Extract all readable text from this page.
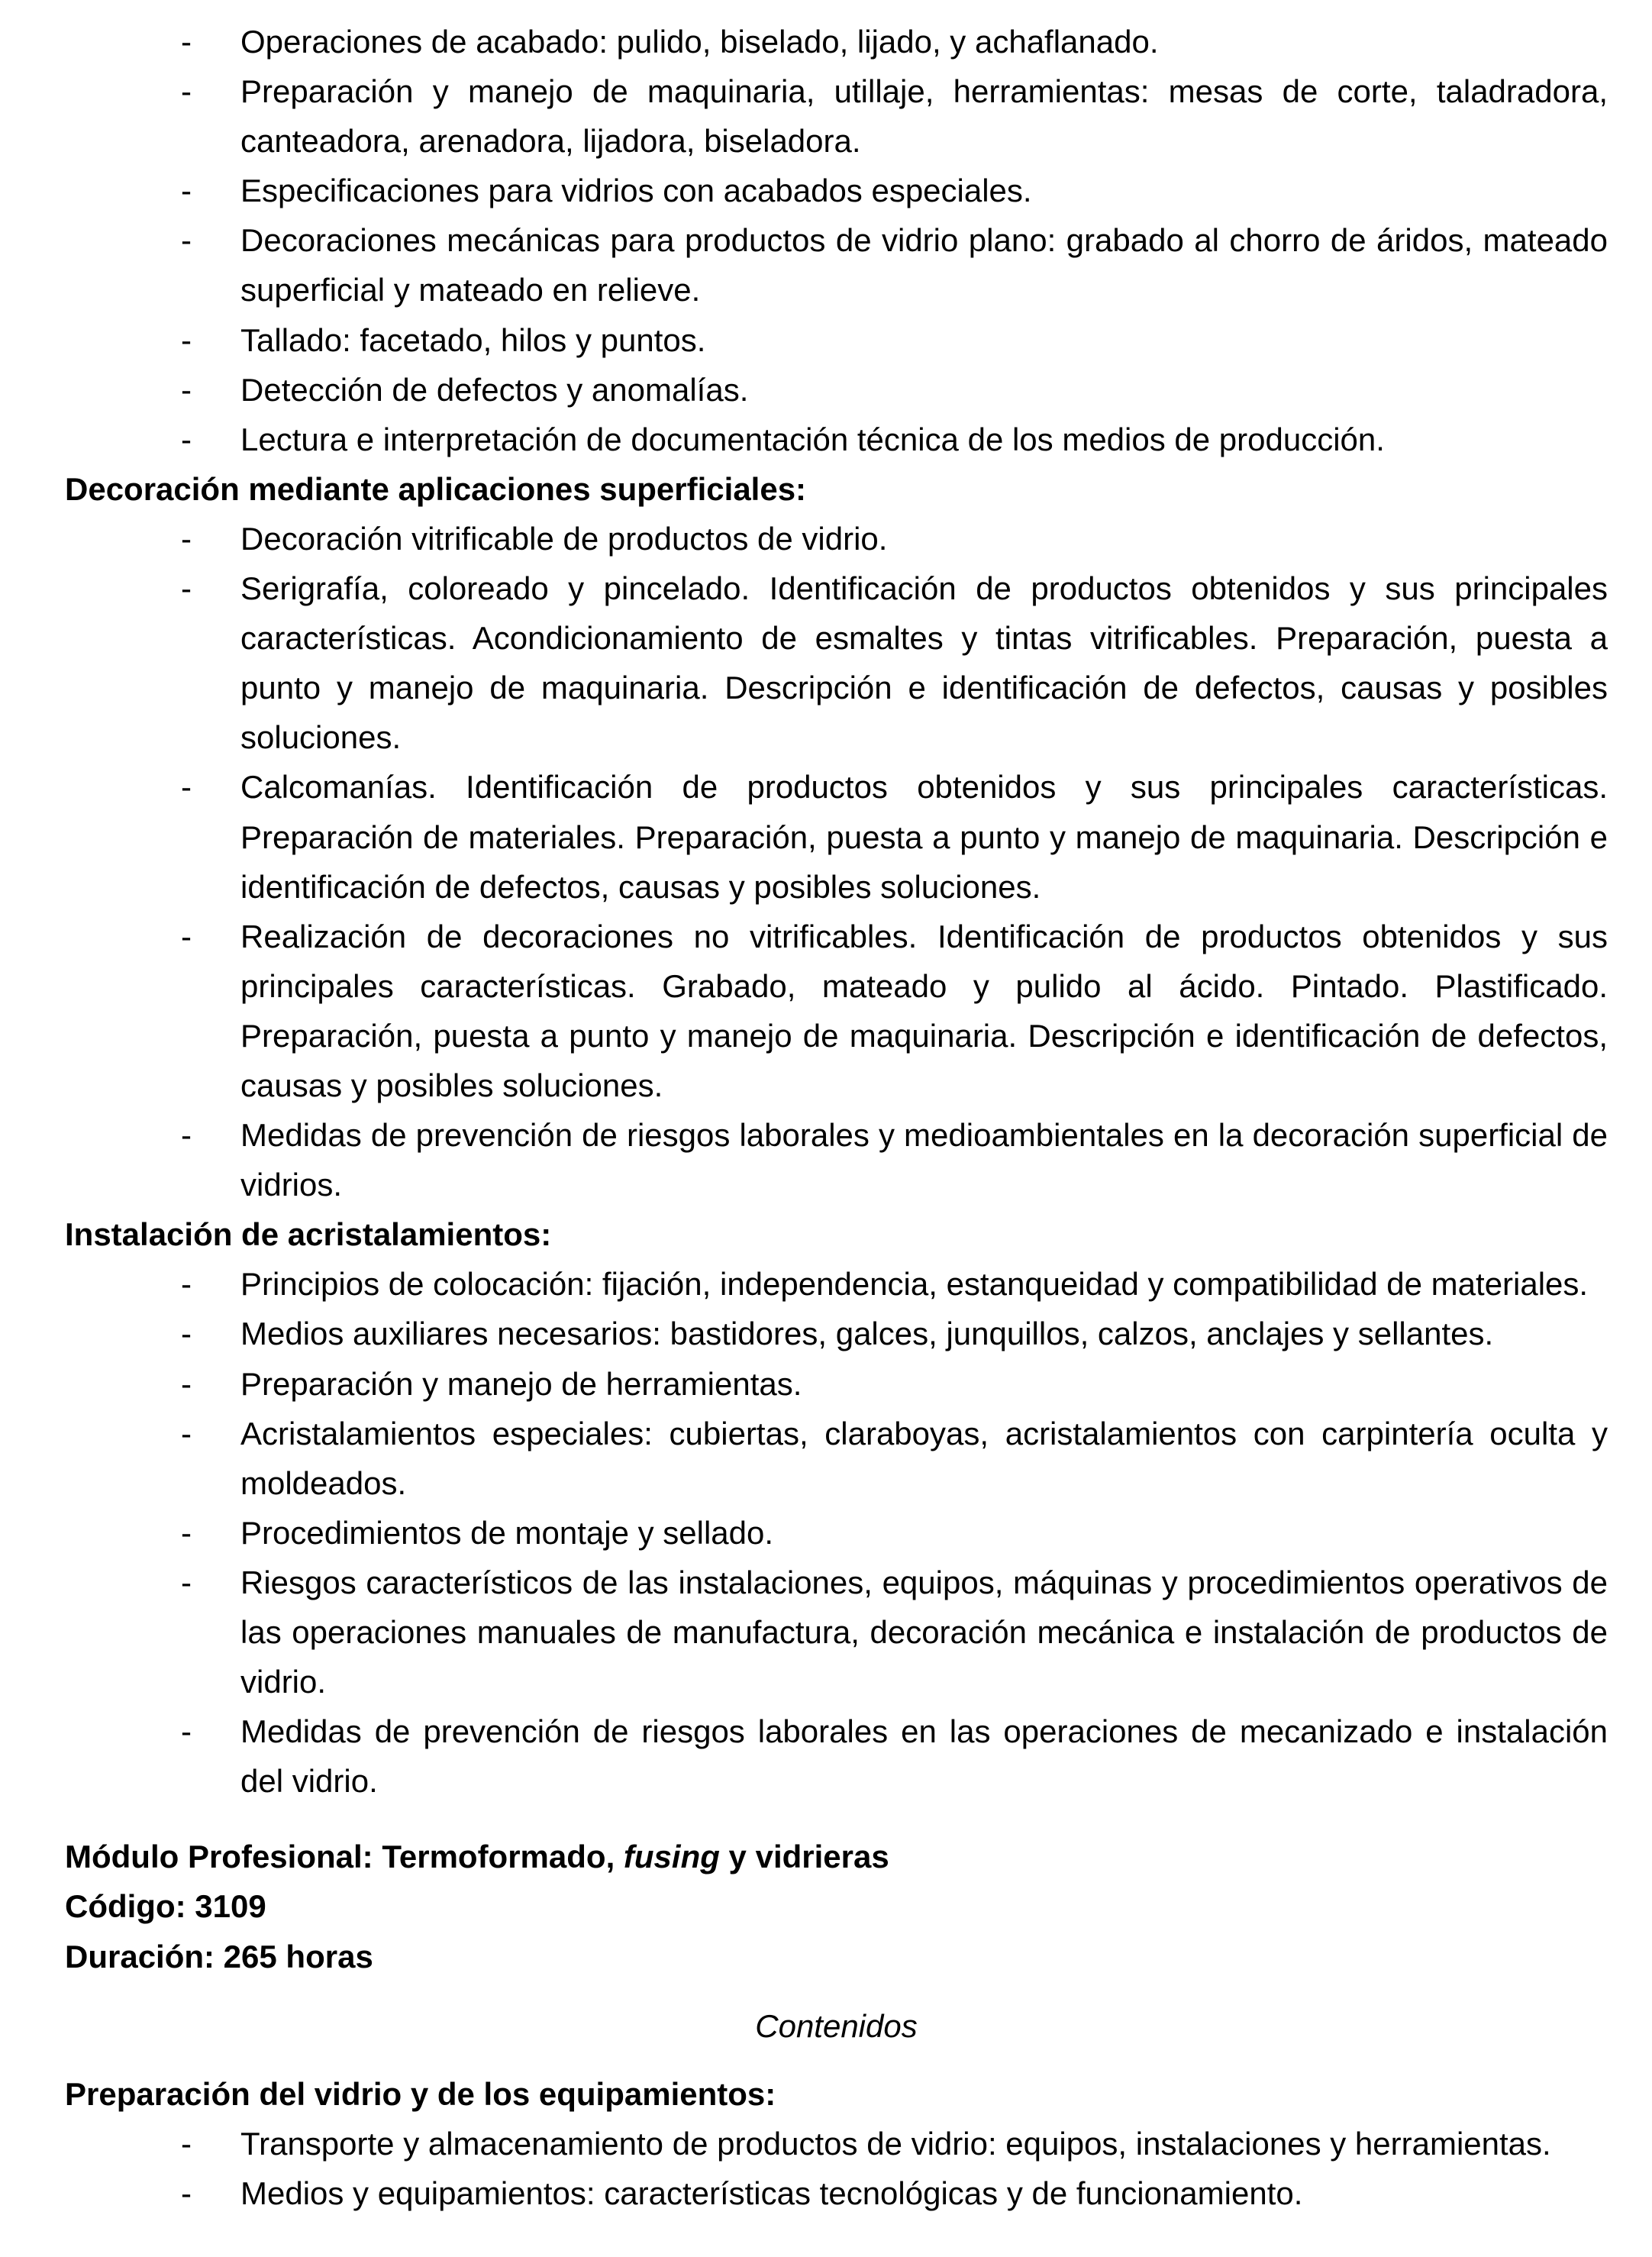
-	Operaciones de acabado: pulido, biselado, lijado, y achaflanado.
-	Preparación y manejo de maquinaria, utillaje, herramientas: mesas de corte, taladradora, canteadora, arenadora, lijadora, biseladora.
-	Especificaciones para vidrios con acabados especiales.
-	Decoraciones mecánicas para productos de vidrio plano: grabado al chorro de áridos, mateado superficial y mateado en relieve.
-	Tallado: facetado, hilos y puntos.
-	Detección de defectos y anomalías.
-	Lectura e interpretación de documentación técnica de los medios de producción.
Decoración mediante aplicaciones superficiales:
-	Decoración vitrificable de productos de vidrio.
-	Serigrafía, coloreado y pincelado. Identificación de productos obtenidos y sus principales características. Acondicionamiento de esmaltes y tintas vitrificables. Preparación, puesta a punto y manejo de maquinaria. Descripción e identificación de defectos, causas y posibles soluciones.
-	Calcomanías. Identificación de productos obtenidos y sus principales características. Preparación de materiales. Preparación, puesta a punto y manejo de maquinaria. Descripción e identificación de defectos, causas y posibles soluciones.
-	Realización de decoraciones no vitrificables. Identificación de productos obtenidos y sus principales características. Grabado, mateado y pulido al ácido. Pintado. Plastificado. Preparación, puesta a punto y manejo de maquinaria. Descripción e identificación de defectos, causas y posibles soluciones.
-	Medidas de prevención de riesgos laborales y medioambientales en la decoración superficial de vidrios.
Instalación de acristalamientos:
-	Principios de colocación: fijación, independencia, estanqueidad y compatibilidad de materiales.
-	Medios auxiliares necesarios: bastidores, galces, junquillos, calzos, anclajes y sellantes.
-	Preparación y manejo de herramientas.
-	Acristalamientos especiales: cubiertas, claraboyas, acristalamientos con carpintería oculta y moldeados.
-	Procedimientos de montaje y sellado.
-	Riesgos característicos de las instalaciones, equipos, máquinas y procedimientos operativos de las operaciones manuales de manufactura, decoración mecánica e instalación de productos de vidrio.
-	Medidas de prevención de riesgos laborales en las operaciones de mecanizado e instalación del vidrio.
Módulo Profesional: Termoformado, fusing y vidrieras
Código: 3109
Duración: 265 horas
Contenidos
Preparación del vidrio y de los equipamientos:
-	Transporte y almacenamiento de productos de vidrio: equipos, instalaciones y herramientas.
-	Medios y equipamientos: características tecnológicas y de funcionamiento.
